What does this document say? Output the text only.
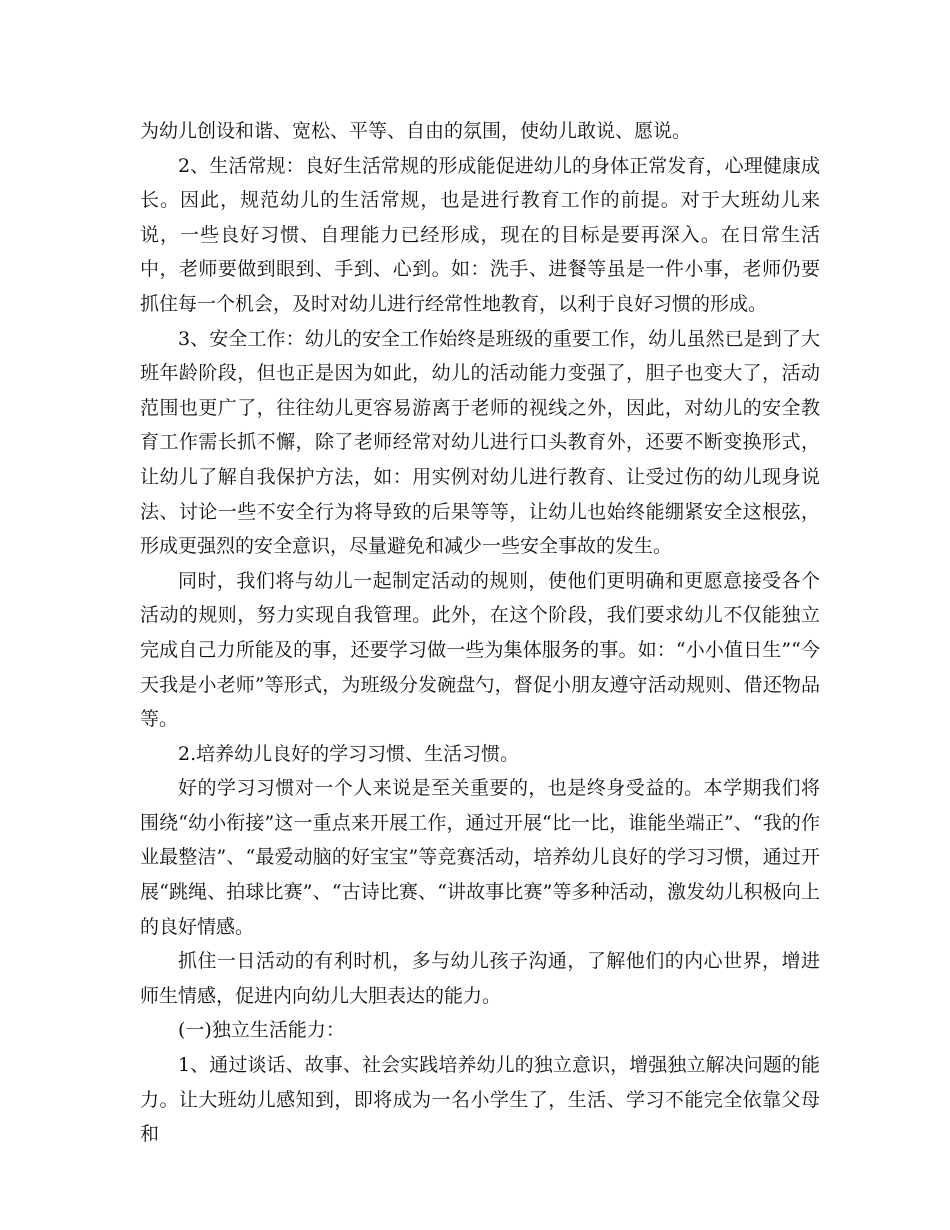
为幼儿创设和谐、宽松、平等、自由的氛围，使幼儿敢说、愿说。

2、生活常规：良好生活常规的形成能促进幼儿的身体正常发育，心理健康成长。因此，规范幼儿的生活常规，也是进行教育工作的前提。对于大班幼儿来说，一些良好习惯、自理能力已经形成，现在的目标是要再深入。在日常生活中，老师要做到眼到、手到、心到。如：洗手、进餐等虽是一件小事，老师仍要抓住每一个机会，及时对幼儿进行经常性地教育，以利于良好习惯的形成。

3、安全工作：幼儿的安全工作始终是班级的重要工作，幼儿虽然已是到了大班年龄阶段，但也正是因为如此，幼儿的活动能力变强了，胆子也变大了，活动范围也更广了，往往幼儿更容易游离于老师的视线之外，因此，对幼儿的安全教育工作需长抓不懈，除了老师经常对幼儿进行口头教育外，还要不断变换形式，让幼儿了解自我保护方法，如：用实例对幼儿进行教育、让受过伤的幼儿现身说法、讨论一些不安全行为将导致的后果等等，让幼儿也始终能绷紧安全这根弦，形成更强烈的安全意识，尽量避免和减少一些安全事故的发生。

同时，我们将与幼儿一起制定活动的规则，使他们更明确和更愿意接受各个活动的规则，努力实现自我管理。此外，在这个阶段，我们要求幼儿不仅能独立完成自己力所能及的事，还要学习做一些为集体服务的事。如：“小小值日生”“今天我是小老师”等形式，为班级分发碗盘勺，督促小朋友遵守活动规则、借还物品等。

2.培养幼儿良好的学习习惯、生活习惯。

好的学习习惯对一个人来说是至关重要的，也是终身受益的。本学期我们将围绕“幼小衔接”这一重点来开展工作，通过开展“比一比，谁能坐端正”、“我的作业最整洁”、“最爱动脑的好宝宝”等竞赛活动，培养幼儿良好的学习习惯，通过开展“跳绳、拍球比赛”、“古诗比赛、“讲故事比赛”等多种活动，激发幼儿积极向上的良好情感。

抓住一日活动的有利时机，多与幼儿孩子沟通，了解他们的内心世界，增进师生情感，促进内向幼儿大胆表达的能力。

(一)独立生活能力：

1、通过谈话、故事、社会实践培养幼儿的独立意识，增强独立解决问题的能力。让大班幼儿感知到，即将成为一名小学生了，生活、学习不能完全依靠父母和
